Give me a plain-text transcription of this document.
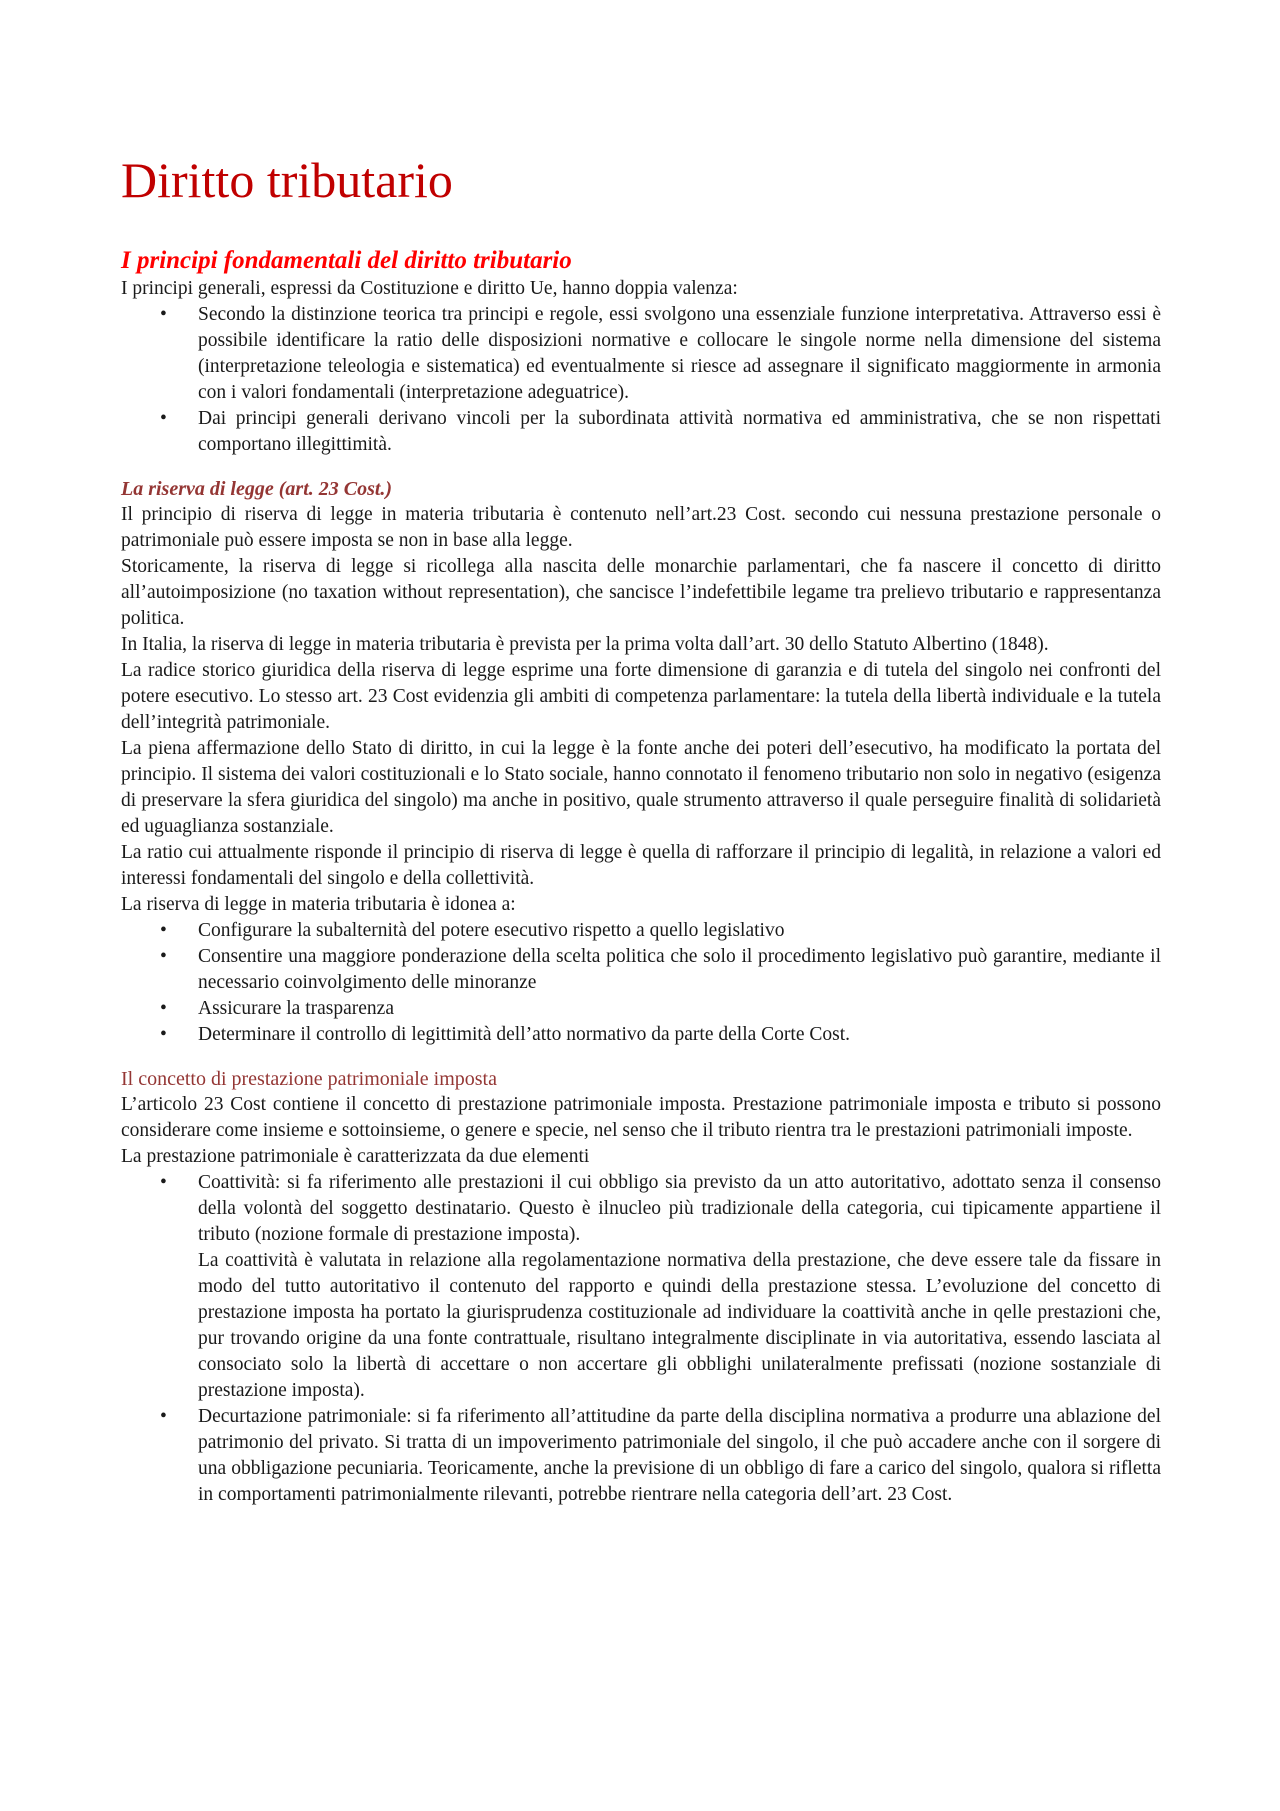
Diritto tributario
I principi fondamentali del diritto tributario

I principi generali, espressi da Costituzione e diritto Ue, hanno doppia valenza:

• Secondo la distinzione teorica tra principi e regole, essi svolgono una essenziale funzione interpretativa. Attraverso essi è possibile identificare la ratio delle disposizioni normative e collocare le singole norme nella dimensione del sistema (interpretazione teleologia e sistematica) ed eventualmente si riesce ad assegnare il significato maggiormente in armonia con i valori fondamentali (interpretazione adeguatrice).
• Dai principi generali derivano vincoli per la subordinata attività normativa ed amministrativa, che se non rispettati comportano illegittimità.
La riserva di legge (art. 23 Cost.)

Il principio di riserva di legge in materia tributaria è contenuto nell’art.23 Cost. secondo cui nessuna prestazione personale o patrimoniale può essere imposta se non in base alla legge.

Storicamente, la riserva di legge si ricollega alla nascita delle monarchie parlamentari, che fa nascere il concetto di diritto all’autoimposizione (no taxation without representation), che sancisce l’indefettibile legame tra prelievo tributario e rappresentanza politica.

In Italia, la riserva di legge in materia tributaria è prevista per la prima volta dall’art. 30 dello Statuto Albertino (1848).

La radice storico giuridica della riserva di legge esprime una forte dimensione di garanzia e di tutela del singolo nei confronti del potere esecutivo. Lo stesso art. 23 Cost evidenzia gli ambiti di competenza parlamentare: la tutela della libertà individuale e la tutela dell’integrità patrimoniale.

La piena affermazione dello Stato di diritto, in cui la legge è la fonte anche dei poteri dell’esecutivo, ha modificato la portata del principio. Il sistema dei valori costituzionali e lo Stato sociale, hanno connotato il fenomeno tributario non solo in negativo (esigenza di preservare la sfera giuridica del singolo) ma anche in positivo, quale strumento attraverso il quale perseguire finalità di solidarietà ed uguaglianza sostanziale.

La ratio cui attualmente risponde il principio di riserva di legge è quella di rafforzare il principio di legalità, in relazione a valori ed interessi fondamentali del singolo e della collettività.

La riserva di legge in materia tributaria è idonea a:

• Configurare la subalternità del potere esecutivo rispetto a quello legislativo
• Consentire una maggiore ponderazione della scelta politica che solo il procedimento legislativo può garantire, mediante il necessario coinvolgimento delle minoranze
• Assicurare la trasparenza
• Determinare il controllo di legittimità dell’atto normativo da parte della Corte Cost.
Il concetto di prestazione patrimoniale imposta

L’articolo 23 Cost contiene il concetto di prestazione patrimoniale imposta. Prestazione patrimoniale imposta e tributo si possono considerare come insieme e sottoinsieme, o genere e specie, nel senso che il tributo rientra tra le prestazioni patrimoniali imposte.

La prestazione patrimoniale è caratterizzata da due elementi

• Coattività: si fa riferimento alle prestazioni il cui obbligo sia previsto da un atto autoritativo, adottato senza il consenso della volontà del soggetto destinatario. Questo è ilnucleo più tradizionale della categoria, cui tipicamente appartiene il tributo (nozione formale di prestazione imposta).
La coattività è valutata in relazione alla regolamentazione normativa della prestazione, che deve essere tale da fissare in modo del tutto autoritativo il contenuto del rapporto e quindi della prestazione stessa. L’evoluzione del concetto di prestazione imposta ha portato la giurisprudenza costituzionale ad individuare la coattività anche in qelle prestazioni che, pur trovando origine da una fonte contrattuale, risultano integralmente disciplinate in via autoritativa, essendo lasciata al consociato solo la libertà di accettare o non accertare gli obblighi unilateralmente prefissati (nozione sostanziale di prestazione imposta).
• Decurtazione patrimoniale: si fa riferimento all’attitudine da parte della disciplina normativa a produrre una ablazione del patrimonio del privato. Si tratta di un impoverimento patrimoniale del singolo, il che può accadere anche con il sorgere di una obbligazione pecuniaria. Teoricamente, anche la previsione di un obbligo di fare a carico del singolo, qualora si rifletta in comportamenti patrimonialmente rilevanti, potrebbe rientrare nella categoria dell’art. 23 Cost.
